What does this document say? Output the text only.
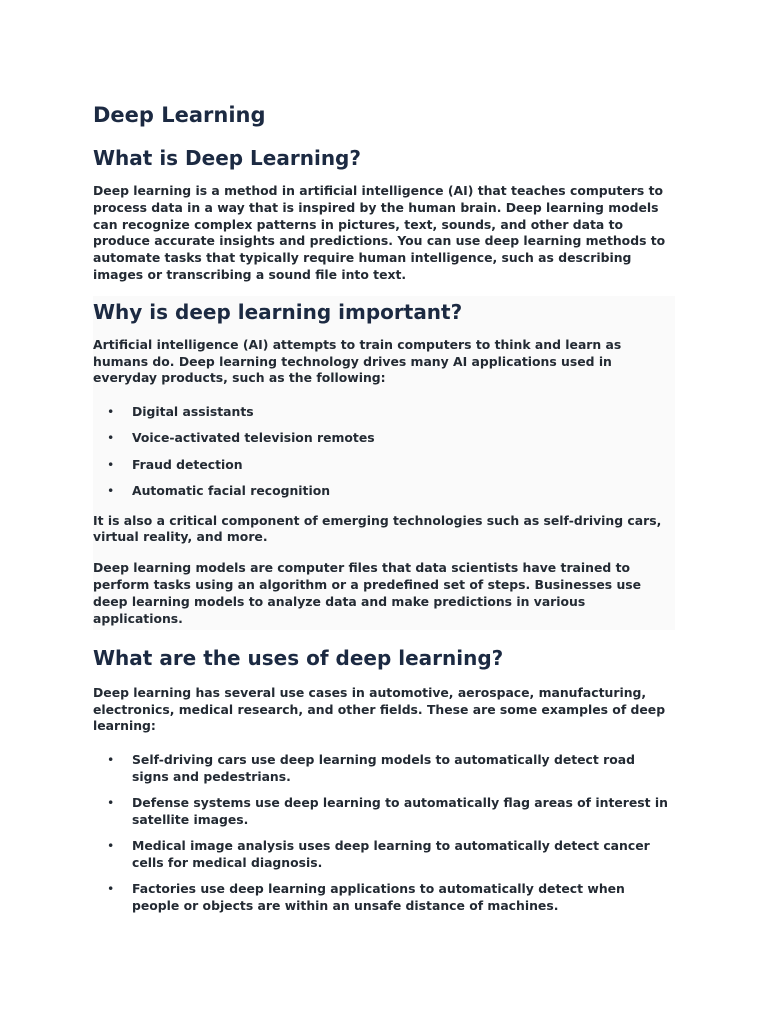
Deep Learning
What is Deep Learning?

Deep learning is a method in artificial intelligence (AI) that teaches computers to process data in a way that is inspired by the human brain. Deep learning models can recognize complex patterns in pictures, text, sounds, and other data to produce accurate insights and predictions. You can use deep learning methods to automate tasks that typically require human intelligence, such as describing images or transcribing a sound file into text.

Why is deep learning important?

Artificial intelligence (AI) attempts to train computers to think and learn as humans do. Deep learning technology drives many AI applications used in everyday products, such as the following:

• Digital assistants
• Voice-activated television remotes
• Fraud detection
• Automatic facial recognition

It is also a critical component of emerging technologies such as self-driving cars, virtual reality, and more.

Deep learning models are computer files that data scientists have trained to perform tasks using an algorithm or a predefined set of steps. Businesses use deep learning models to analyze data and make predictions in various applications.

What are the uses of deep learning?

Deep learning has several use cases in automotive, aerospace, manufacturing, electronics, medical research, and other fields. These are some examples of deep learning:

• Self-driving cars use deep learning models to automatically detect road signs and pedestrians.
• Defense systems use deep learning to automatically flag areas of interest in satellite images.
• Medical image analysis uses deep learning to automatically detect cancer cells for medical diagnosis.
• Factories use deep learning applications to automatically detect when people or objects are within an unsafe distance of machines.
